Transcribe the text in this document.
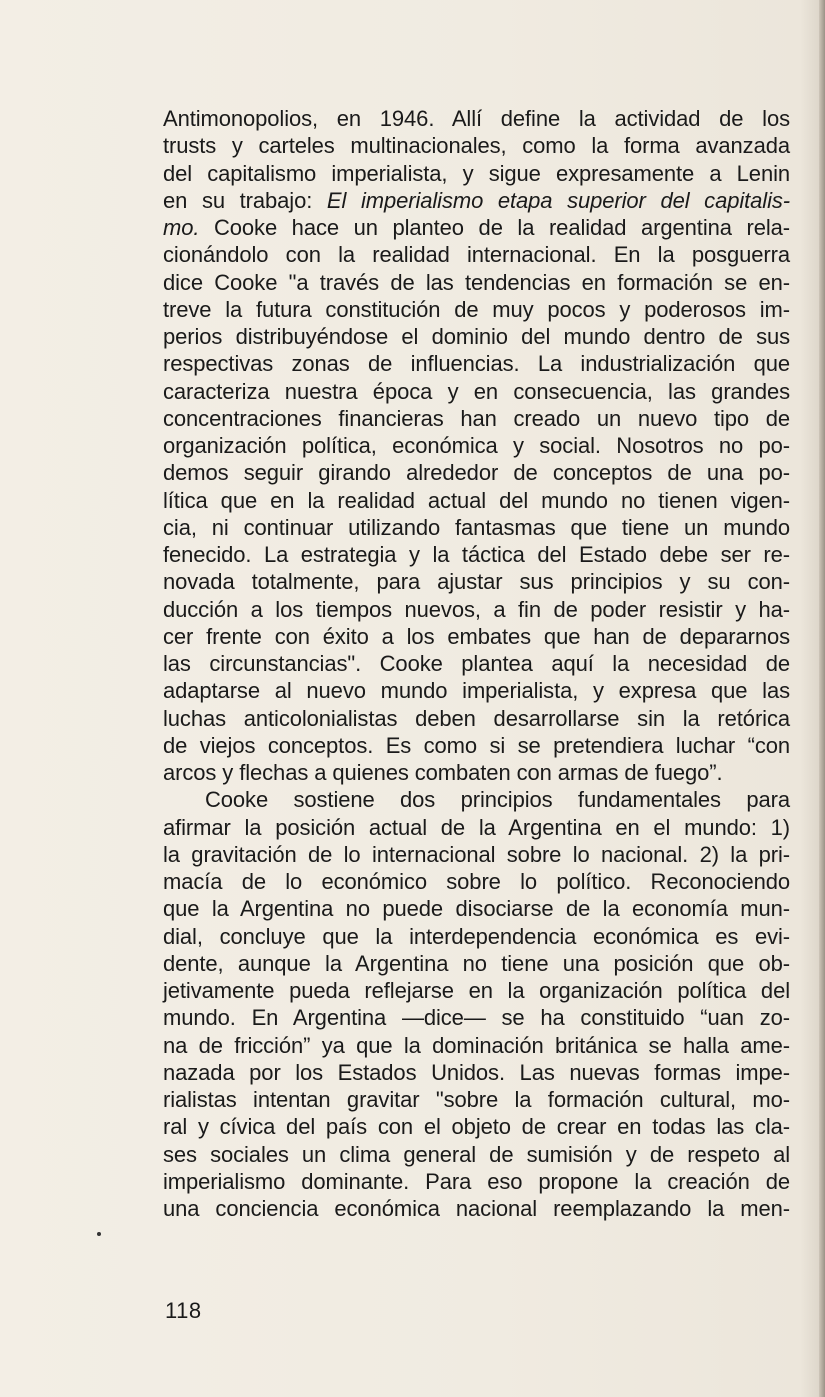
Antimonopolios, en 1946. Allí define la actividad de los
trusts y carteles multinacionales, como la forma avanzada
del capitalismo imperialista, y sigue expresamente a Lenin
en su trabajo: El imperialismo etapa superior del capitalis-
mo. Cooke hace un planteo de la realidad argentina rela-
cionándolo con la realidad internacional. En la posguerra
dice Cooke "a través de las tendencias en formación se en-
treve la futura constitución de muy pocos y poderosos im-
perios distribuyéndose el dominio del mundo dentro de sus
respectivas zonas de influencias. La industrialización que
caracteriza nuestra época y en consecuencia, las grandes
concentraciones financieras han creado un nuevo tipo de
organización política, económica y social. Nosotros no po-
demos seguir girando alrededor de conceptos de una po-
lítica que en la realidad actual del mundo no tienen vigen-
cia, ni continuar utilizando fantasmas que tiene un mundo
fenecido. La estrategia y la táctica del Estado debe ser re-
novada totalmente, para ajustar sus principios y su con-
ducción a los tiempos nuevos, a fin de poder resistir y ha-
cer frente con éxito a los embates que han de depararnos
las circunstancias". Cooke plantea aquí la necesidad de
adaptarse al nuevo mundo imperialista, y expresa que las
luchas anticolonialistas deben desarrollarse sin la retórica
de viejos conceptos. Es como si se pretendiera luchar “con
arcos y flechas a quienes combaten con armas de fuego”.
Cooke sostiene dos principios fundamentales para
afirmar la posición actual de la Argentina en el mundo: 1)
la gravitación de lo internacional sobre lo nacional. 2) la pri-
macía de lo económico sobre lo político. Reconociendo
que la Argentina no puede disociarse de la economía mun-
dial, concluye que la interdependencia económica es evi-
dente, aunque la Argentina no tiene una posición que ob-
jetivamente pueda reflejarse en la organización política del
mundo. En Argentina —dice— se ha constituido “uan zo-
na de fricción” ya que la dominación británica se halla ame-
nazada por los Estados Unidos. Las nuevas formas impe-
rialistas intentan gravitar "sobre la formación cultural, mo-
ral y cívica del país con el objeto de crear en todas las cla-
ses sociales un clima general de sumisión y de respeto al
imperialismo dominante. Para eso propone la creación de
una conciencia económica nacional reemplazando la men-
118
